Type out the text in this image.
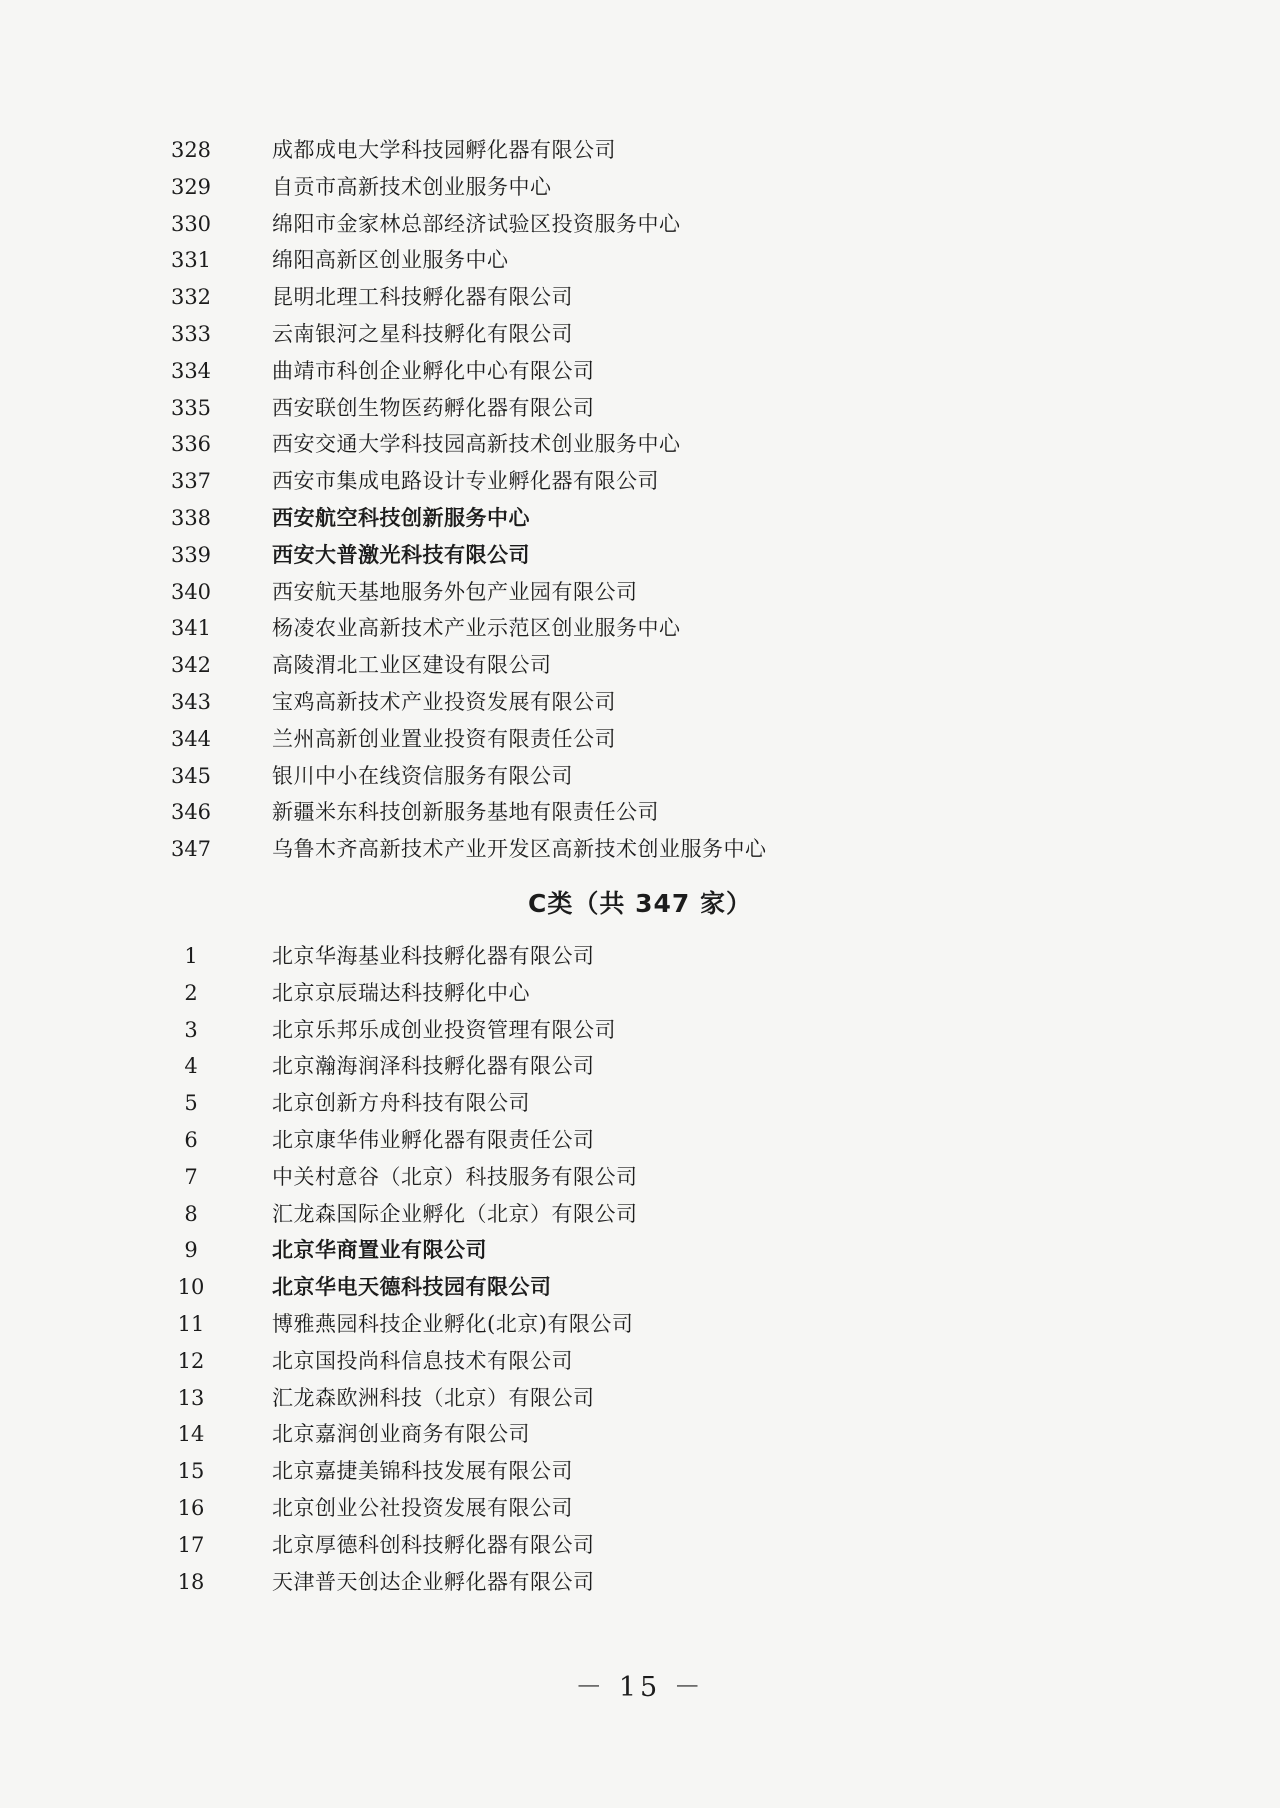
328	成都成电大学科技园孵化器有限公司
329	自贡市高新技术创业服务中心
330	绵阳市金家林总部经济试验区投资服务中心
331	绵阳高新区创业服务中心
332	昆明北理工科技孵化器有限公司
333	云南银河之星科技孵化有限公司
334	曲靖市科创企业孵化中心有限公司
335	西安联创生物医药孵化器有限公司
336	西安交通大学科技园高新技术创业服务中心
337	西安市集成电路设计专业孵化器有限公司
338	西安航空科技创新服务中心
339	西安大普激光科技有限公司
340	西安航天基地服务外包产业园有限公司
341	杨凌农业高新技术产业示范区创业服务中心
342	高陵渭北工业区建设有限公司
343	宝鸡高新技术产业投资发展有限公司
344	兰州高新创业置业投资有限责任公司
345	银川中小在线资信服务有限公司
346	新疆米东科技创新服务基地有限责任公司
347	乌鲁木齐高新技术产业开发区高新技术创业服务中心
C类（共 347 家）
1	北京华海基业科技孵化器有限公司
2	北京京辰瑞达科技孵化中心
3	北京乐邦乐成创业投资管理有限公司
4	北京瀚海润泽科技孵化器有限公司
5	北京创新方舟科技有限公司
6	北京康华伟业孵化器有限责任公司
7	中关村意谷（北京）科技服务有限公司
8	汇龙森国际企业孵化（北京）有限公司
9	北京华商置业有限公司
10	北京华电天德科技园有限公司
11	博雅燕园科技企业孵化(北京)有限公司
12	北京国投尚科信息技术有限公司
13	汇龙森欧洲科技（北京）有限公司
14	北京嘉润创业商务有限公司
15	北京嘉捷美锦科技发展有限公司
16	北京创业公社投资发展有限公司
17	北京厚德科创科技孵化器有限公司
18	天津普天创达企业孵化器有限公司
－ 15 －
